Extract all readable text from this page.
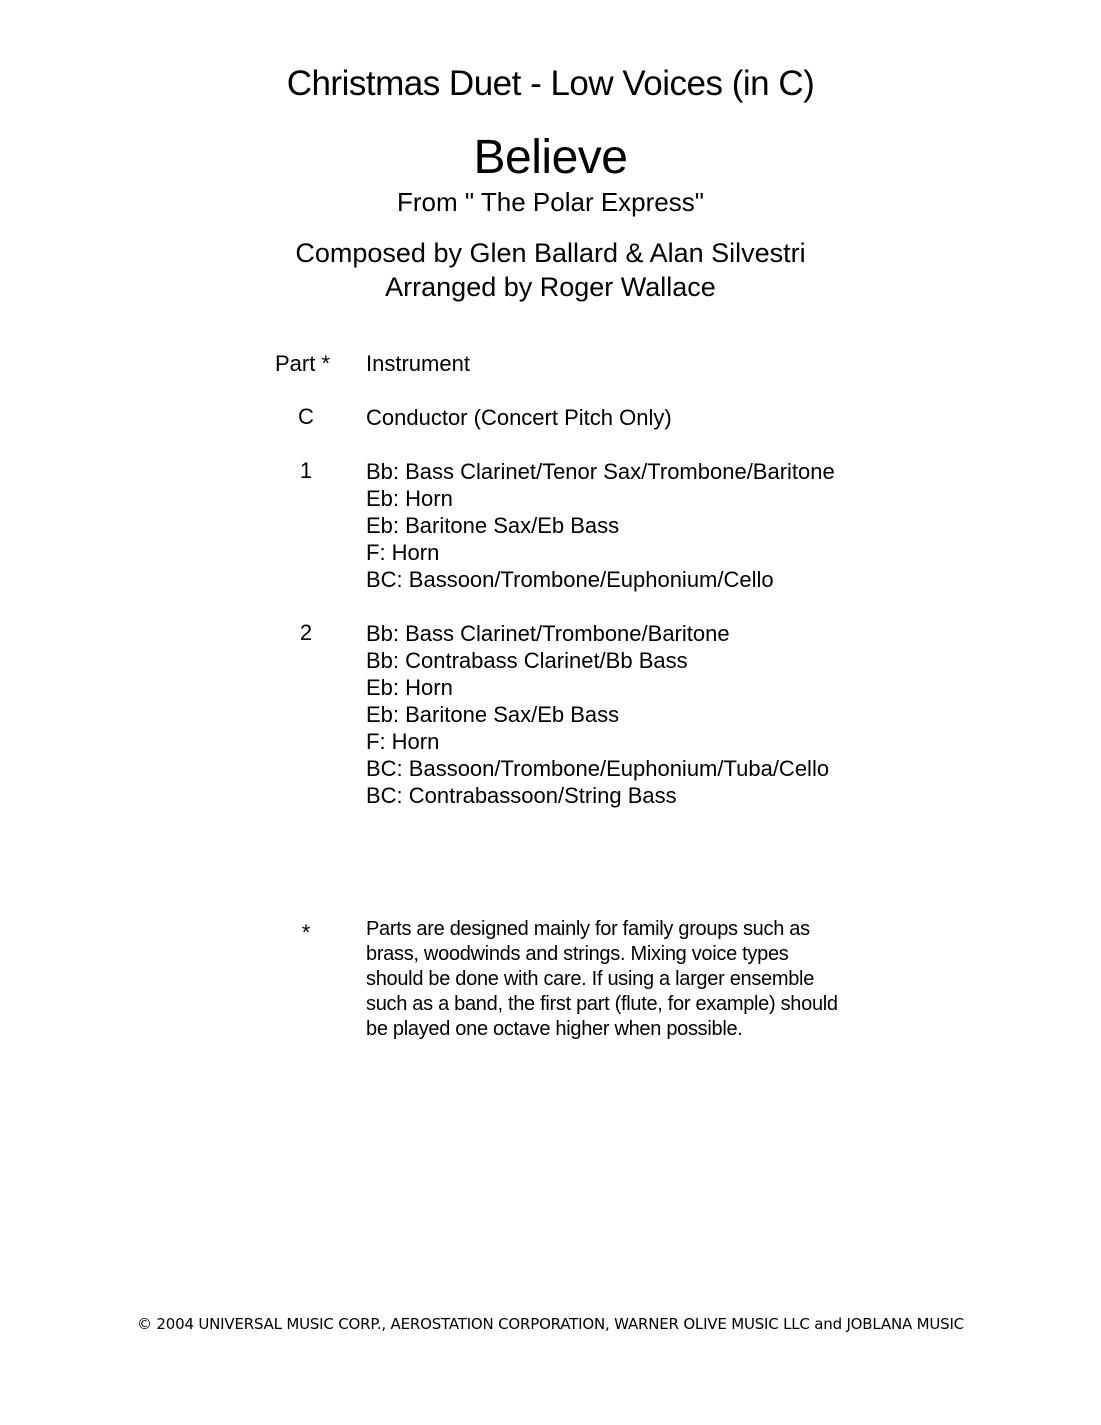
Christmas Duet - Low Voices (in C)
Believe
From " The Polar Express"
Composed by Glen Ballard & Alan Silvestri
Arranged by Roger Wallace
Part * Instrument
C	Conductor (Concert Pitch Only)
1	Bb: Bass Clarinet/Tenor Sax/Trombone/Baritone
Eb: Horn
Eb: Baritone Sax/Eb Bass
F: Horn
BC: Bassoon/Trombone/Euphonium/Cello
2	Bb: Bass Clarinet/Trombone/Baritone
Bb: Contrabass Clarinet/Bb Bass
Eb: Horn
Eb: Baritone Sax/Eb Bass
F: Horn
BC: Bassoon/Trombone/Euphonium/Tuba/Cello
BC: Contrabassoon/String Bass
*	Parts are designed mainly for family groups such as
brass, woodwinds and strings. Mixing voice types
should be done with care. If using a larger ensemble
such as a band, the first part (flute, for example) should
be played one octave higher when possible.
© 2004 UNIVERSAL MUSIC CORP., AEROSTATION CORPORATION, WARNER OLIVE MUSIC LLC and JOBLANA MUSIC
